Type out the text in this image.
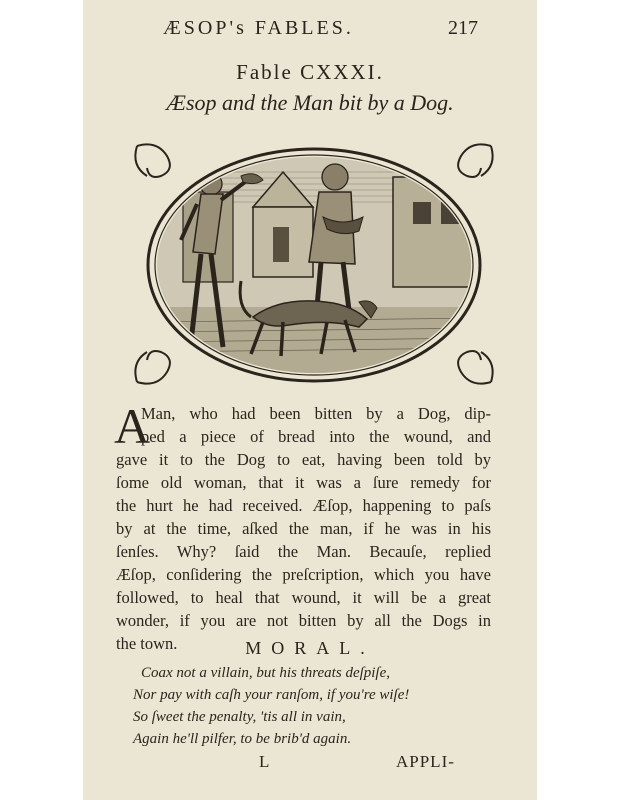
ÆSOP's FABLES.	217
Fable CXXXI.
Æsop and the Man bit by a Dog.
A
Man, who had been bitten by a Dog, dip-
ped a piece of bread into the wound, and
gave it to the Dog to eat, having been told by
ſome old woman, that it was a ſure remedy for
the hurt he had received. Æſop, happening to paſs
by at the time, aſked the man, if he was in his
ſenſes. Why? ſaid the Man. Becauſe, replied
Æſop, conſidering the preſcription, which you have
followed, to heal that wound, it will be a great
wonder, if you are not bitten by all the Dogs in
the town.	MORAL.
Coax not a villain, but his threats deſpiſe,
Nor pay with caſh your ranſom, if you're wiſe!
So ſweet the penalty, 'tis all in vain,
Again he'll pilfer, to be brib'd again.
L	APPLI-
